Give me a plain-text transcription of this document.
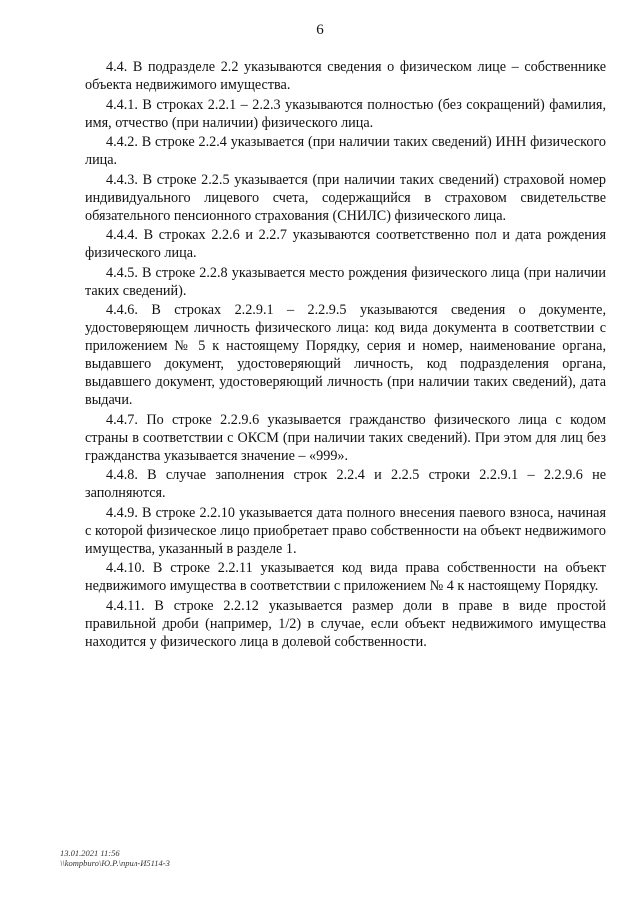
6

4.4. В подразделе 2.2 указываются сведения о физическом лице – собственнике объекта недвижимого имущества.

4.4.1. В строках 2.2.1 – 2.2.3 указываются полностью (без сокращений) фамилия, имя, отчество (при наличии) физического лица.

4.4.2. В строке 2.2.4 указывается (при наличии таких сведений) ИНН физического лица.

4.4.3. В строке 2.2.5 указывается (при наличии таких сведений) страховой номер индивидуального лицевого счета, содержащийся в страховом свидетельстве обязательного пенсионного страхования (СНИЛС) физического лица.

4.4.4. В строках 2.2.6 и 2.2.7 указываются соответственно пол и дата рождения физического лица.

4.4.5. В строке 2.2.8 указывается место рождения физического лица (при наличии таких сведений).

4.4.6. В строках 2.2.9.1 – 2.2.9.5 указываются сведения о документе, удостоверяющем личность физического лица: код вида документа в соответствии с приложением № 5 к настоящему Порядку, серия и номер, наименование органа, выдавшего документ, удостоверяющий личность, код подразделения органа, выдавшего документ, удостоверяющий личность (при наличии таких сведений), дата выдачи.

4.4.7. По строке 2.2.9.6 указывается гражданство физического лица с кодом страны в соответствии с ОКСМ (при наличии таких сведений). При этом для лиц без гражданства указывается значение – «999».

4.4.8. В случае заполнения строк 2.2.4 и 2.2.5 строки 2.2.9.1 – 2.2.9.6 не заполняются.

4.4.9. В строке 2.2.10 указывается дата полного внесения паевого взноса, начиная с которой физическое лицо приобретает право собственности на объект недвижимого имущества, указанный в разделе 1.

4.4.10. В строке 2.2.11 указывается код вида права собственности на объект недвижимого имущества в соответствии с приложением № 4 к настоящему Порядку.

4.4.11. В строке 2.2.12 указывается размер доли в праве в виде простой правильной дроби (например, 1/2) в случае, если объект недвижимого имущества находится у физического лица в долевой собственности.

13.01.2021 11:56
\\kompburo\Ю.Р.\прил-И5114-3
